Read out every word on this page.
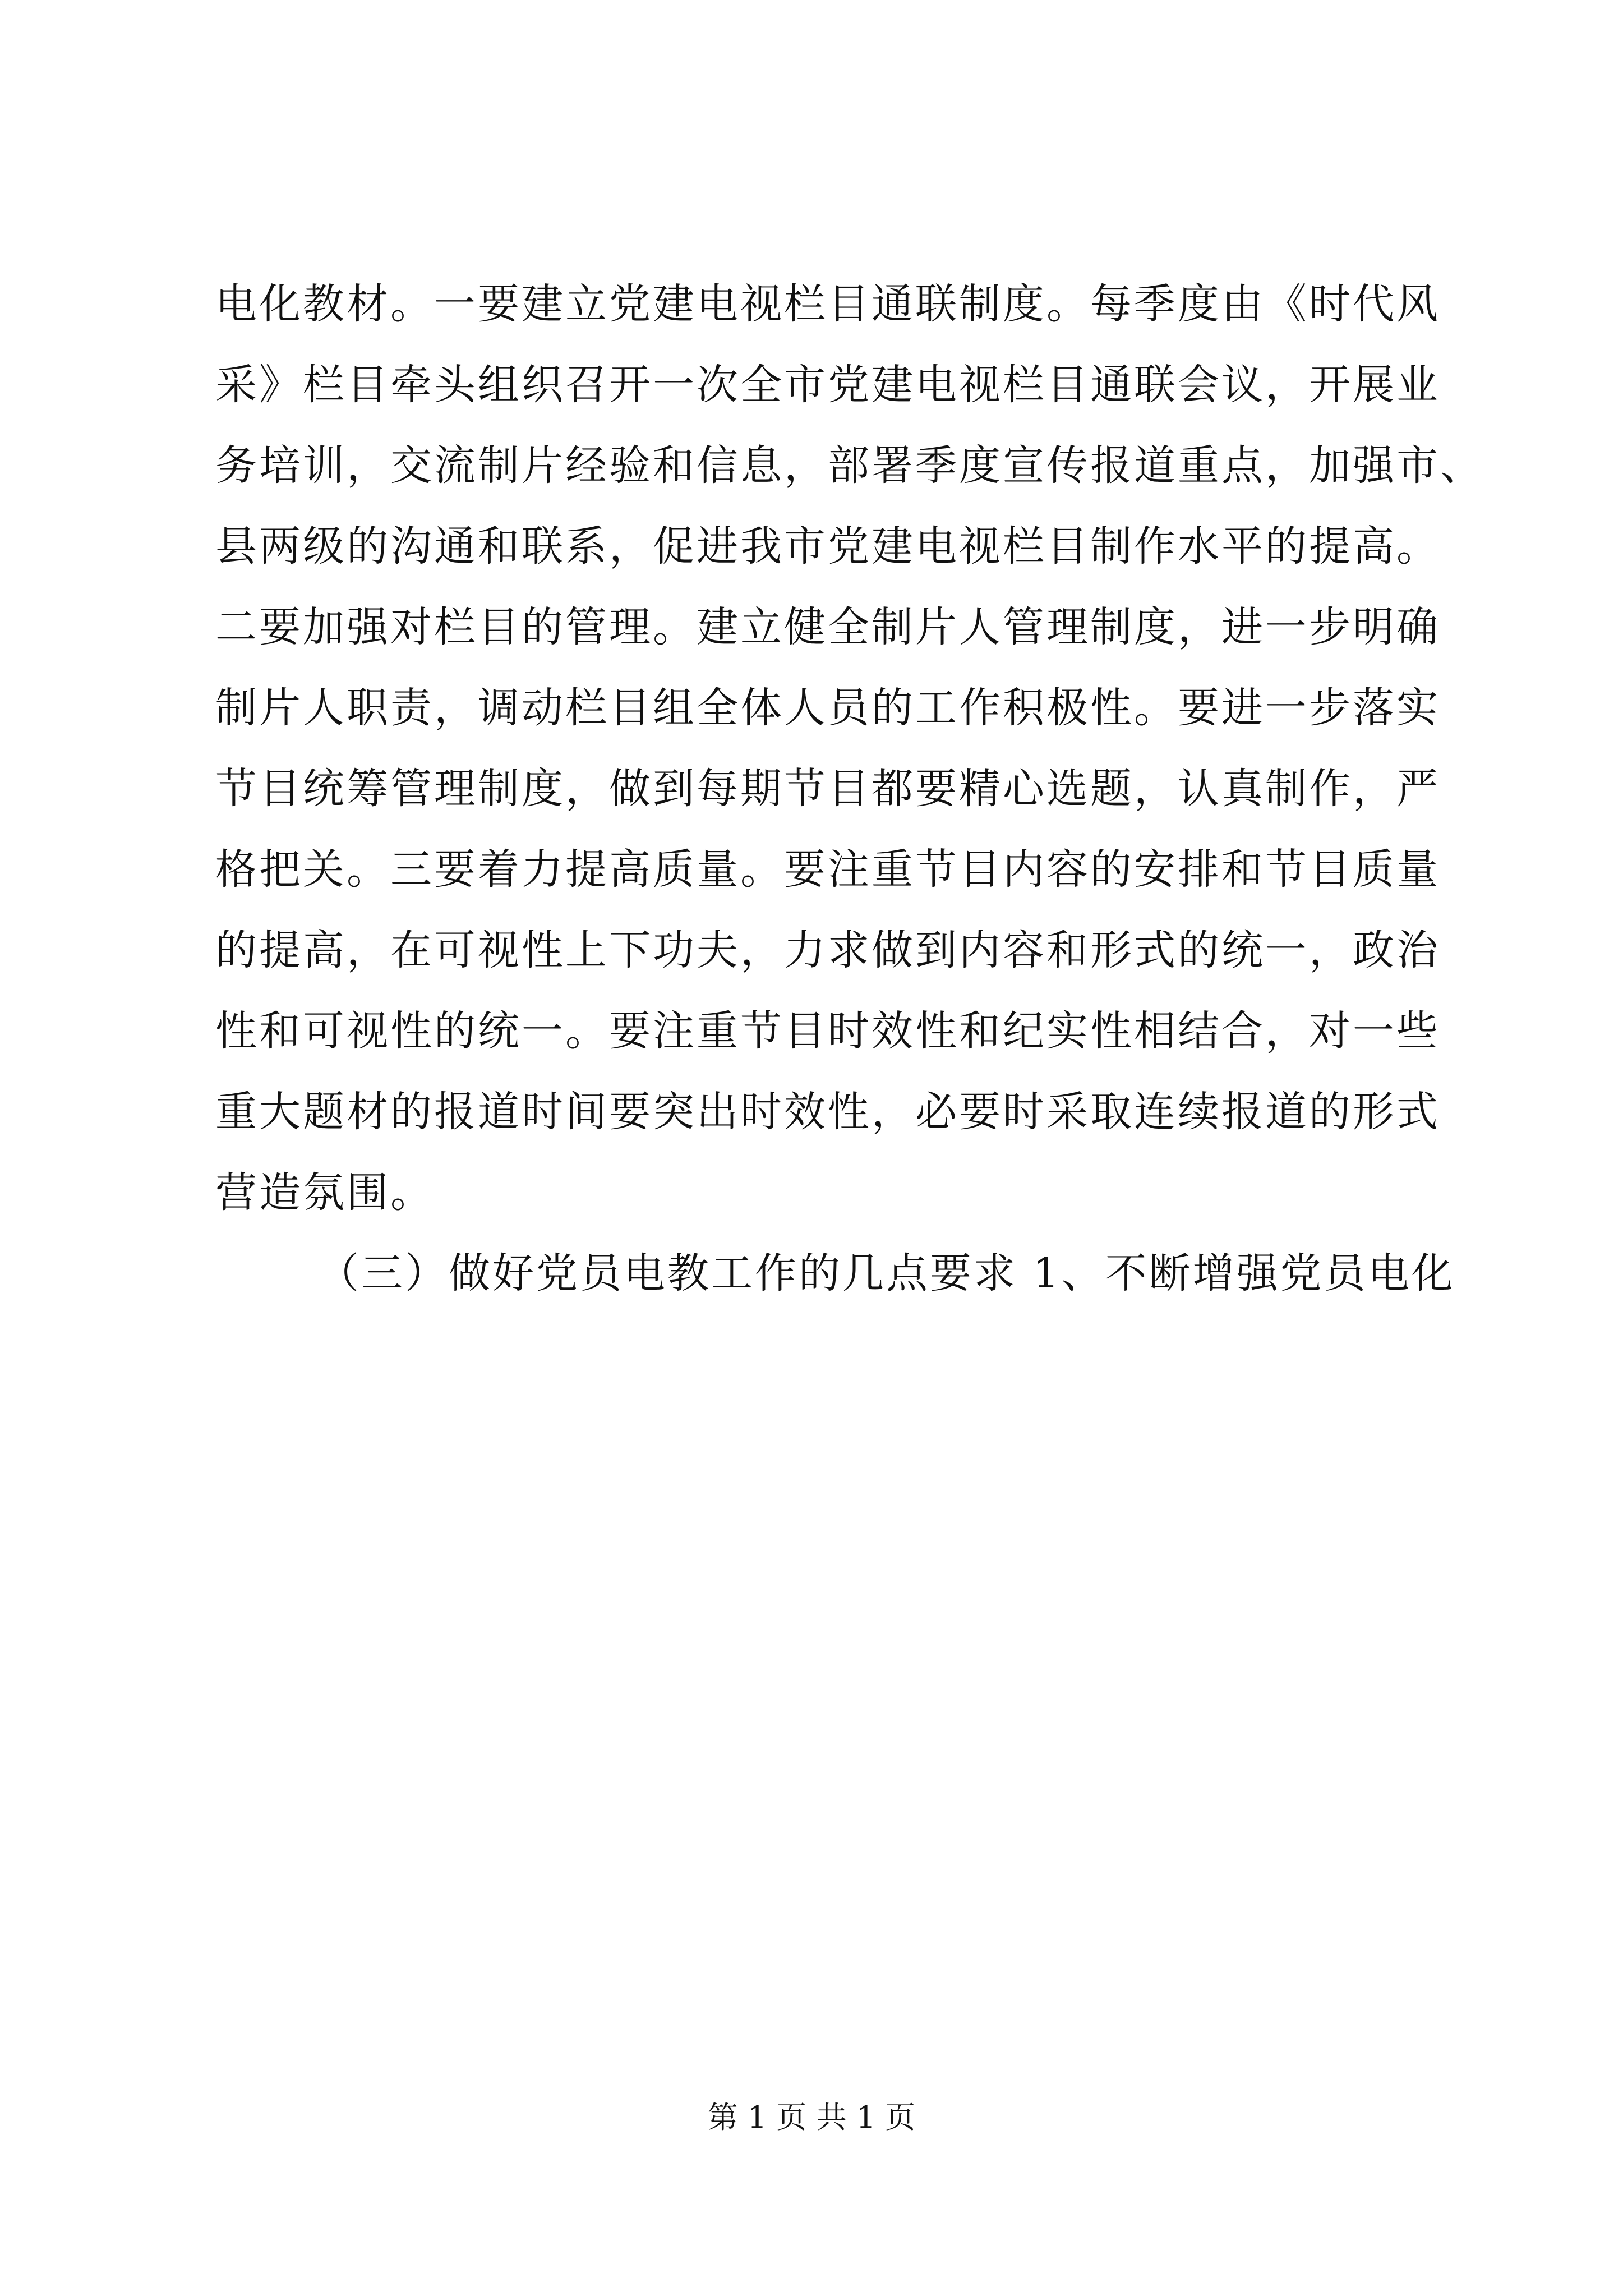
电化教材。一要建立党建电视栏目通联制度。每季度由《时代风
采》栏目牵头组织召开一次全市党建电视栏目通联会议，开展业
务培训，交流制片经验和信息，部署季度宣传报道重点，加强市、
县两级的沟通和联系，促进我市党建电视栏目制作水平的提高。
二要加强对栏目的管理。建立健全制片人管理制度，进一步明确
制片人职责，调动栏目组全体人员的工作积极性。要进一步落实
节目统筹管理制度，做到每期节目都要精心选题，认真制作，严
格把关。三要着力提高质量。要注重节目内容的安排和节目质量
的提高，在可视性上下功夫，力求做到内容和形式的统一，政治
性和可视性的统一。要注重节目时效性和纪实性相结合，对一些
重大题材的报道时间要突出时效性，必要时采取连续报道的形式
营造氛围。
（三）做好党员电教工作的几点要求 1、不断增强党员电化
第 1 页 共 1 页
